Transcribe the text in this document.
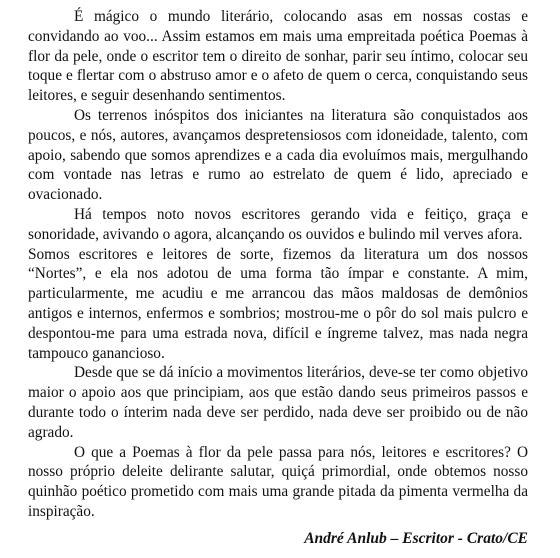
É mágico o mundo literário, colocando asas em nossas costas e convidando ao voo... Assim estamos em mais uma empreitada poética Poemas à flor da pele, onde o escritor tem o direito de sonhar, parir seu íntimo, colocar seu toque e flertar com o abstruso amor e o afeto de quem o cerca, conquistando seus leitores, e seguir desenhando sentimentos.

Os terrenos inóspitos dos iniciantes na literatura são conquistados aos poucos, e nós, autores, avançamos despretensiosos com idoneidade, talento, com apoio, sabendo que somos aprendizes e a cada dia evoluímos mais, mergulhando com vontade nas letras e rumo ao estrelato de quem é lido, apreciado e ovacionado.

Há tempos noto novos escritores gerando vida e feitiço, graça e sonoridade, avivando o agora, alcançando os ouvidos e bulindo mil verves afora.

Somos escritores e leitores de sorte, fizemos da literatura um dos nossos “Nortes”, e ela nos adotou de uma forma tão ímpar e constante. A mim, particularmente, me acudiu e me arrancou das mãos maldosas de demônios antigos e internos, enfermos e sombrios; mostrou-me o pôr do sol mais pulcro e despontou-me para uma estrada nova, difícil e íngreme talvez, mas nada negra tampouco ganancioso.

Desde que se dá início a movimentos literários, deve-se ter como objetivo maior o apoio aos que principiam, aos que estão dando seus primeiros passos e durante todo o ínterim nada deve ser perdido, nada deve ser proibido ou de não agrado.

O que a Poemas à flor da pele passa para nós, leitores e escritores? O nosso próprio deleite delirante salutar, quiçá primordial, onde obtemos nosso quinhão poético prometido com mais uma grande pitada da pimenta vermelha da inspiração.

André Anlub – Escritor - Crato/CE
